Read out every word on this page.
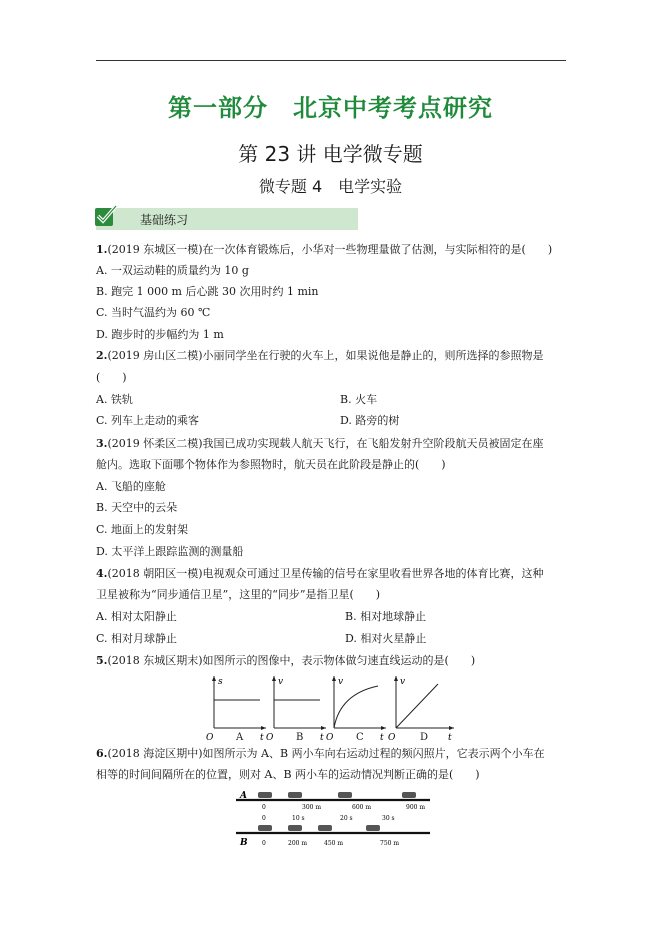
第一部分　北京中考考点研究
第 23 讲 电学微专题
微专题 4　电学实验
基础练习
1.(2019 东城区一模)在一次体育锻炼后，小华对一些物理量做了估测，与实际相符的是(　　)
A. 一双运动鞋的质量约为 10 g
B. 跑完 1 000 m 后心跳 30 次用时约 1 min
C. 当时气温约为 60 ℃
D. 跑步时的步幅约为 1 m
2.(2019 房山区二模)小丽同学坐在行驶的火车上，如果说他是静止的，则所选择的参照物是
(　　)
A. 铁轨	B. 火车
C. 列车上走动的乘客	D. 路旁的树
3.(2019 怀柔区二模)我国已成功实现载人航天飞行，在飞船发射升空阶段航天员被固定在座
舱内。选取下面哪个物体作为参照物时，航天员在此阶段是静止的(　　)
A. 飞船的座舱
B. 天空中的云朵
C. 地面上的发射架
D. 太平洋上跟踪监测的测量船
4.(2018 朝阳区一模)电视观众可通过卫星传输的信号在家里收看世界各地的体育比赛，这种
卫星被称为“同步通信卫星”，这里的“同步”是指卫星(　　)
A. 相对太阳静止	B. 相对地球静止
C. 相对月球静止	D. 相对火星静止
5.(2018 东城区期末)如图所示的图像中，表示物体做匀速直线运动的是(　　)
s
t
O A
v
t
O B
v
t
O C
v
t
O D
6.(2018 海淀区期中)如图所示为 A、B 两小车向右运动过程的频闪照片，它表示两个小车在
相等的时间间隔所在的位置，则对 A、B 两小车的运动情况判断正确的是(　　)
A
0	300 m	600 m	900 m
0	10 s	20 s	30 s
B 0	200 m	450 m	750 m
